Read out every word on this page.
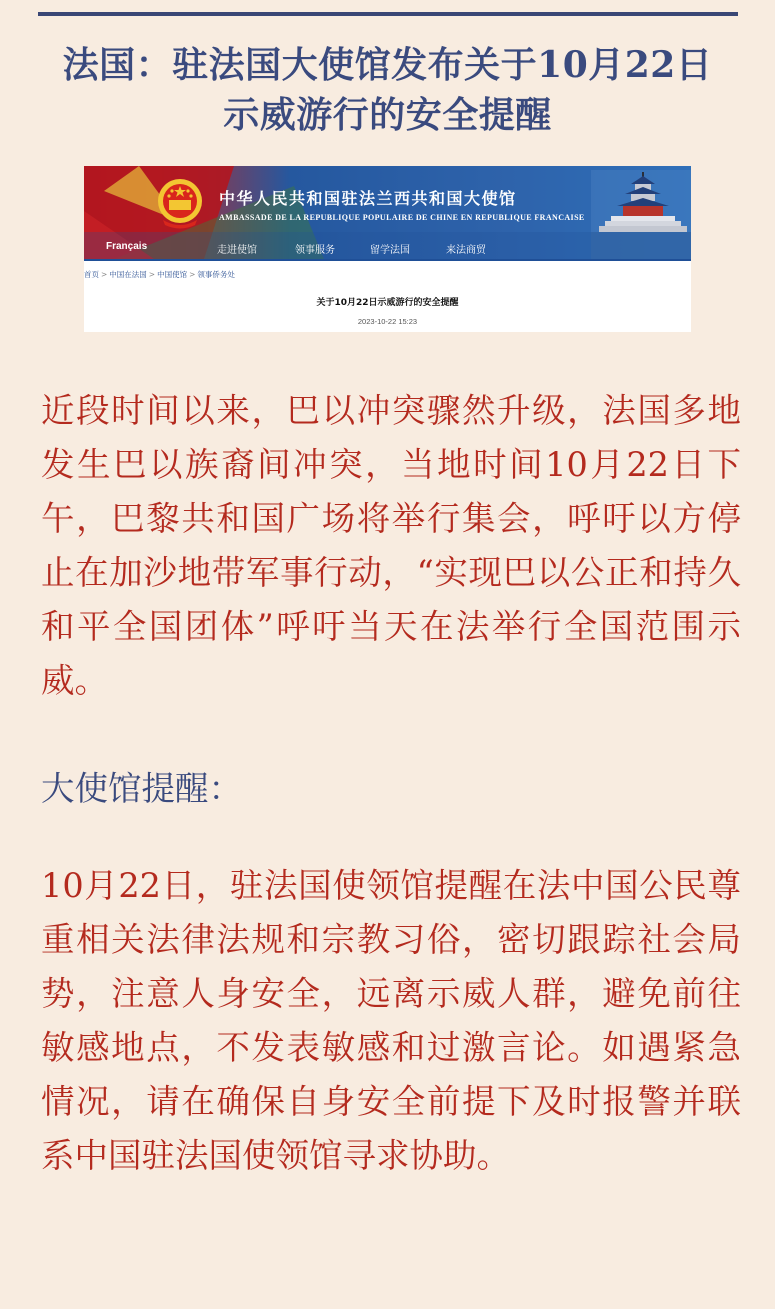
法国：驻法国大使馆发布关于10月22日
示威游行的安全提醒
中华人民共和国驻法兰西共和国大使馆
AMBASSADE DE LA REPUBLIQUE POPULAIRE DE CHINE EN REPUBLIQUE FRANCAISE
Français	走进使馆	领事服务	留学法国	来法商贸
首页 > 中国在法国 > 中国使馆 > 领事侨务处
关于10月22日示威游行的安全提醒
2023-10-22 15:23

近段时间以来，巴以冲突骤然升级，法国多地发生巴以族裔间冲突，当地时间10月22日下午，巴黎共和国广场将举行集会，呼吁以方停止在加沙地带军事行动，“实现巴以公正和持久和平全国团体”呼吁当天在法举行全国范围示威。

大使馆提醒：

10月22日，驻法国使领馆提醒在法中国公民尊重相关法律法规和宗教习俗，密切跟踪社会局势，注意人身安全，远离示威人群，避免前往敏感地点，不发表敏感和过激言论。如遇紧急情况，请在确保自身安全前提下及时报警并联系中国驻法国使领馆寻求协助。
